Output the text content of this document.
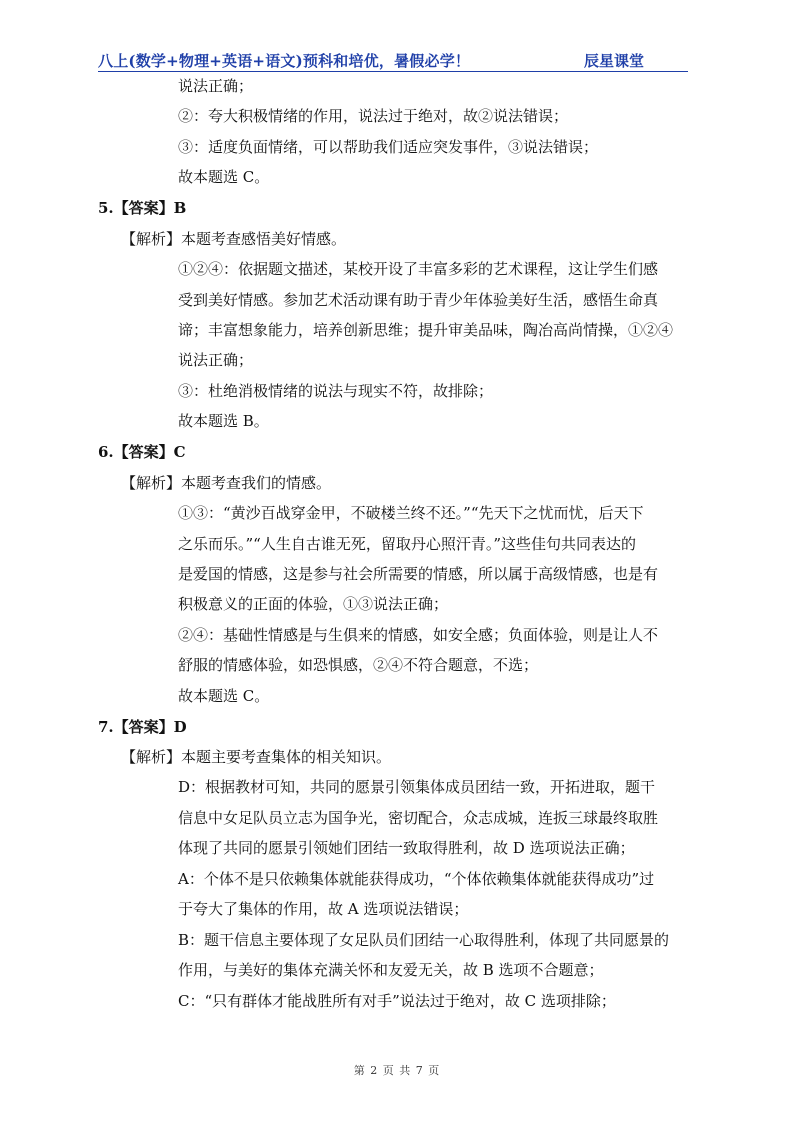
八上(数学+物理+英语+语文)预科和培优，暑假必学！	辰星课堂
说法正确；
②：夸大积极情绪的作用，说法过于绝对，故②说法错误；
③：适度负面情绪，可以帮助我们适应突发事件，③说法错误；
故本题选 C。
5.【答案】B
【解析】本题考查感悟美好情感。
①②④：依据题文描述，某校开设了丰富多彩的艺术课程，这让学生们感
受到美好情感。参加艺术活动课有助于青少年体验美好生活，感悟生命真
谛；丰富想象能力，培养创新思维；提升审美品味，陶冶高尚情操，①②④
说法正确；
③：杜绝消极情绪的说法与现实不符，故排除；
故本题选 B。
6.【答案】C
【解析】本题考查我们的情感。
①③：“黄沙百战穿金甲，不破楼兰终不还。”“先天下之忧而忧，后天下
之乐而乐。”“人生自古谁无死，留取丹心照汗青。”这些佳句共同表达的
是爱国的情感，这是参与社会所需要的情感，所以属于高级情感，也是有
积极意义的正面的体验，①③说法正确；
②④：基础性情感是与生俱来的情感，如安全感；负面体验，则是让人不
舒服的情感体验，如恐惧感，②④不符合题意，不选；
故本题选 C。
7.【答案】D
【解析】本题主要考查集体的相关知识。
D：根据教材可知，共同的愿景引领集体成员团结一致，开拓进取，题干
信息中女足队员立志为国争光，密切配合，众志成城，连扳三球最终取胜
体现了共同的愿景引领她们团结一致取得胜利，故 D 选项说法正确；
A：个体不是只依赖集体就能获得成功，“个体依赖集体就能获得成功”过
于夸大了集体的作用，故 A 选项说法错误；
B：题干信息主要体现了女足队员们团结一心取得胜利，体现了共同愿景的
作用，与美好的集体充满关怀和友爱无关，故 B 选项不合题意；
C：“只有群体才能战胜所有对手”说法过于绝对，故 C 选项排除；
第 2 页 共 7 页
